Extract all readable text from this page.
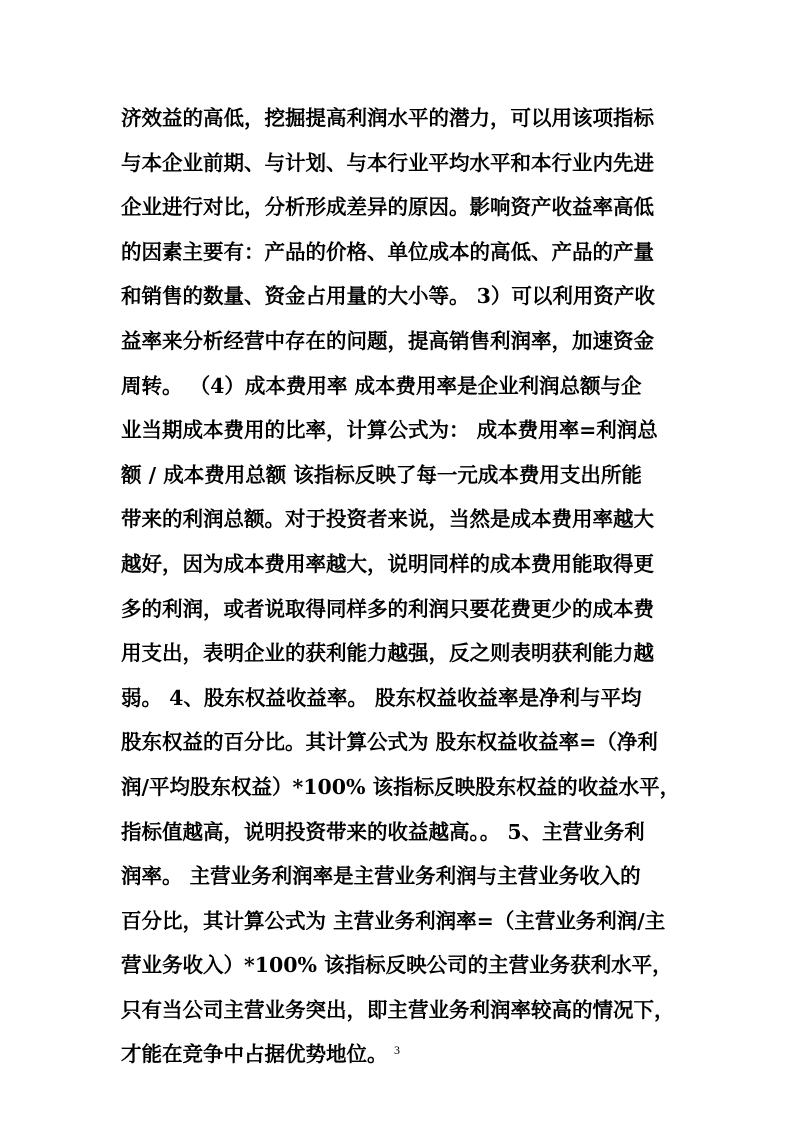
济效益的高低，挖掘提高利润水平的潜力，可以用该项指标
与本企业前期、与计划、与本行业平均水平和本行业内先进
企业进行对比，分析形成差异的原因。影响资产收益率高低
的因素主要有：产品的价格、单位成本的高低、产品的产量
和销售的数量、资金占用量的大小等。 3）可以利用资产收
益率来分析经营中存在的问题，提高销售利润率，加速资金
周转。 （4）成本费用率 成本费用率是企业利润总额与企
业当期成本费用的比率，计算公式为： 成本费用率=利润总
额 / 成本费用总额 该指标反映了每一元成本费用支出所能
带来的利润总额。对于投资者来说，当然是成本费用率越大
越好，因为成本费用率越大，说明同样的成本费用能取得更
多的利润，或者说取得同样多的利润只要花费更少的成本费
用支出，表明企业的获利能力越强，反之则表明获利能力越
弱。 4、股东权益收益率。 股东权益收益率是净利与平均
股东权益的百分比。其计算公式为 股东权益收益率=（净利
润/平均股东权益）*100% 该指标反映股东权益的收益水平，
指标值越高，说明投资带来的收益越高。。 5、主营业务利
润率。 主营业务利润率是主营业务利润与主营业务收入的
百分比，其计算公式为 主营业务利润率=（主营业务利润/主
营业务收入）*100% 该指标反映公司的主营业务获利水平，
只有当公司主营业务突出，即主营业务利润率较高的情况下，
才能在竞争中占据优势地位。 3
